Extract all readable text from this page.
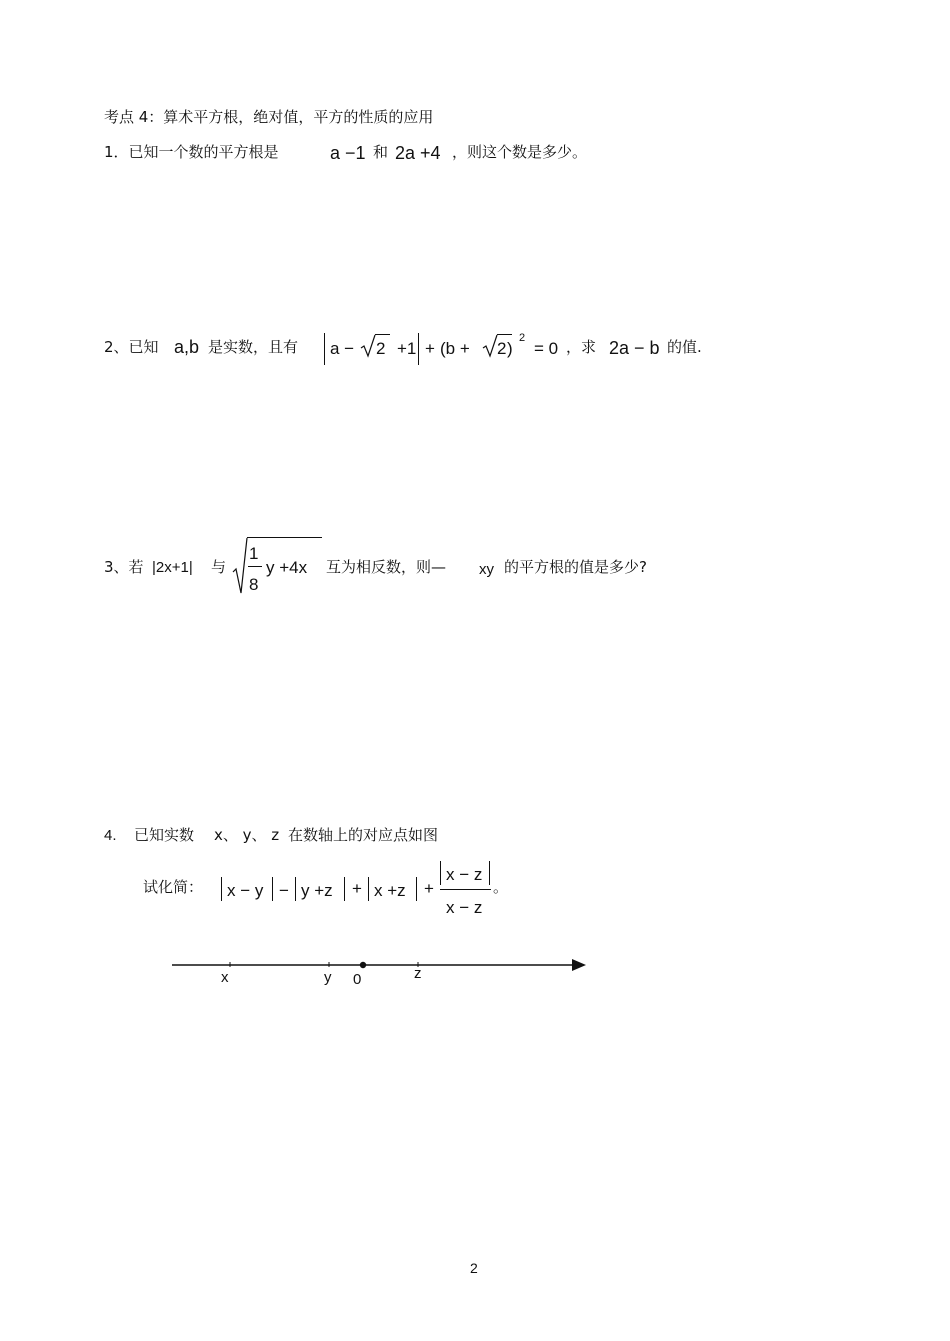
考点 4：算术平方根，绝对值，平方的性质的应用
1．已知一个数的平方根是	a −1 和 2a +4 ，则这个数是多少。
2、已知 a,b 是实数，且有 a − 2 +1 + (b + 2 )
2
= 0 ，求 2a − b 的值.
3、若 |2x+1| 与
1
8
y +4x 互为相反数，则— xy 的平方根的值是多少?
4. 已知实数 x、 y、 z 在数轴上的对应点如图
试化简： x − y − y +z + x +z +
x − z
x − z
。
x	y 0	z
2
